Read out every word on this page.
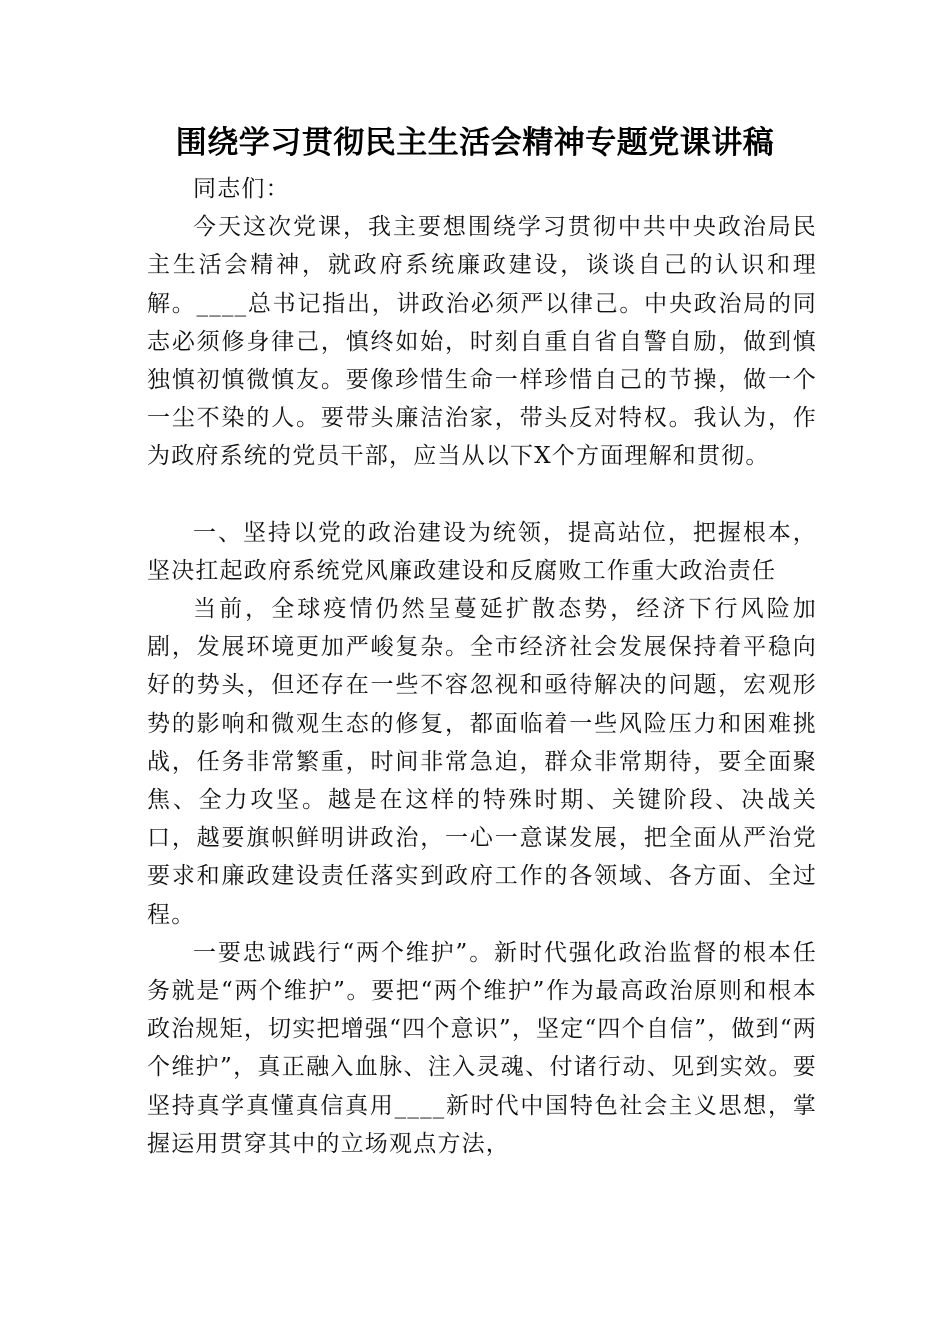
围绕学习贯彻民主生活会精神专题党课讲稿

同志们：

今天这次党课，我主要想围绕学习贯彻中共中央政治局民主生活会精神，就政府系统廉政建设，谈谈自己的认识和理解。____总书记指出，讲政治必须严以律己。中央政治局的同志必须修身律己，慎终如始，时刻自重自省自警自励，做到慎独慎初慎微慎友。要像珍惜生命一样珍惜自己的节操，做一个一尘不染的人。要带头廉洁治家，带头反对特权。我认为，作为政府系统的党员干部，应当从以下X个方面理解和贯彻。

一、坚持以党的政治建设为统领，提高站位，把握根本，坚决扛起政府系统党风廉政建设和反腐败工作重大政治责任

当前，全球疫情仍然呈蔓延扩散态势，经济下行风险加剧，发展环境更加严峻复杂。全市经济社会发展保持着平稳向好的势头，但还存在一些不容忽视和亟待解决的问题，宏观形势的影响和微观生态的修复，都面临着一些风险压力和困难挑战，任务非常繁重，时间非常急迫，群众非常期待，要全面聚焦、全力攻坚。越是在这样的特殊时期、关键阶段、决战关口，越要旗帜鲜明讲政治，一心一意谋发展，把全面从严治党要求和廉政建设责任落实到政府工作的各领域、各方面、全过程。

一要忠诚践行“两个维护”。新时代强化政治监督的根本任务就是“两个维护”。要把“两个维护”作为最高政治原则和根本政治规矩，切实把增强“四个意识”，坚定“四个自信”，做到“两个维护”，真正融入血脉、注入灵魂、付诸行动、见到实效。要坚持真学真懂真信真用____新时代中国特色社会主义思想，掌握运用贯穿其中的立场观点方法，
